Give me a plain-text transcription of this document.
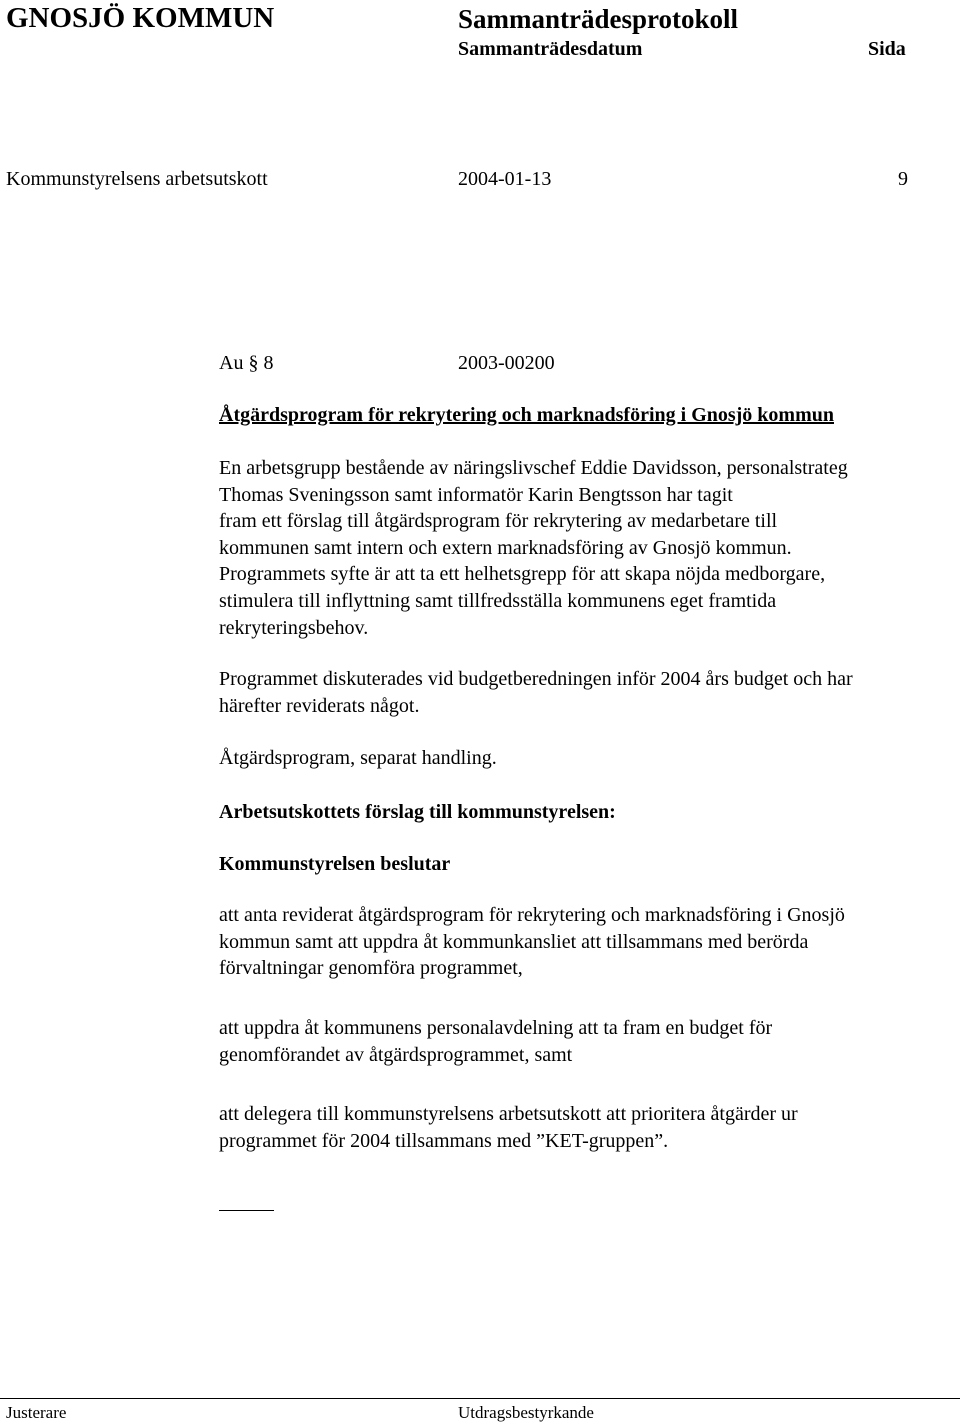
GNOSJÖ KOMMUN	Sammanträdesprotokoll
Sammanträdesdatum	Sida
Kommunstyrelsens arbetsutskott	2004-01-13	9
Au § 8	2003-00200
Åtgärdsprogram för rekrytering och marknadsföring i Gnosjö kommun
En arbetsgrupp bestående av näringslivschef Eddie Davidsson, personalstrateg
Thomas Sveningsson samt informatör Karin Bengtsson har tagit
fram ett förslag till åtgärdsprogram för rekrytering av medarbetare till
kommunen samt intern och extern marknadsföring av Gnosjö kommun.
Programmets syfte är att ta ett helhetsgrepp för att skapa nöjda medborgare,
stimulera till inflyttning samt tillfredsställa kommunens eget framtida
rekryteringsbehov.
Programmet diskuterades vid budgetberedningen inför 2004 års budget och har
härefter reviderats något.
Åtgärdsprogram, separat handling.
Arbetsutskottets förslag till kommunstyrelsen:
Kommunstyrelsen beslutar
att anta reviderat åtgärdsprogram för rekrytering och marknadsföring i Gnosjö
kommun samt att uppdra åt kommunkansliet att tillsammans med berörda
förvaltningar genomföra programmet,
att uppdra åt kommunens personalavdelning att ta fram en budget för
genomförandet av åtgärdsprogrammet, samt
att delegera till kommunstyrelsens arbetsutskott att prioritera åtgärder ur
programmet för 2004 tillsammans med ”KET-gruppen”.
Justerare	Utdragsbestyrkande
